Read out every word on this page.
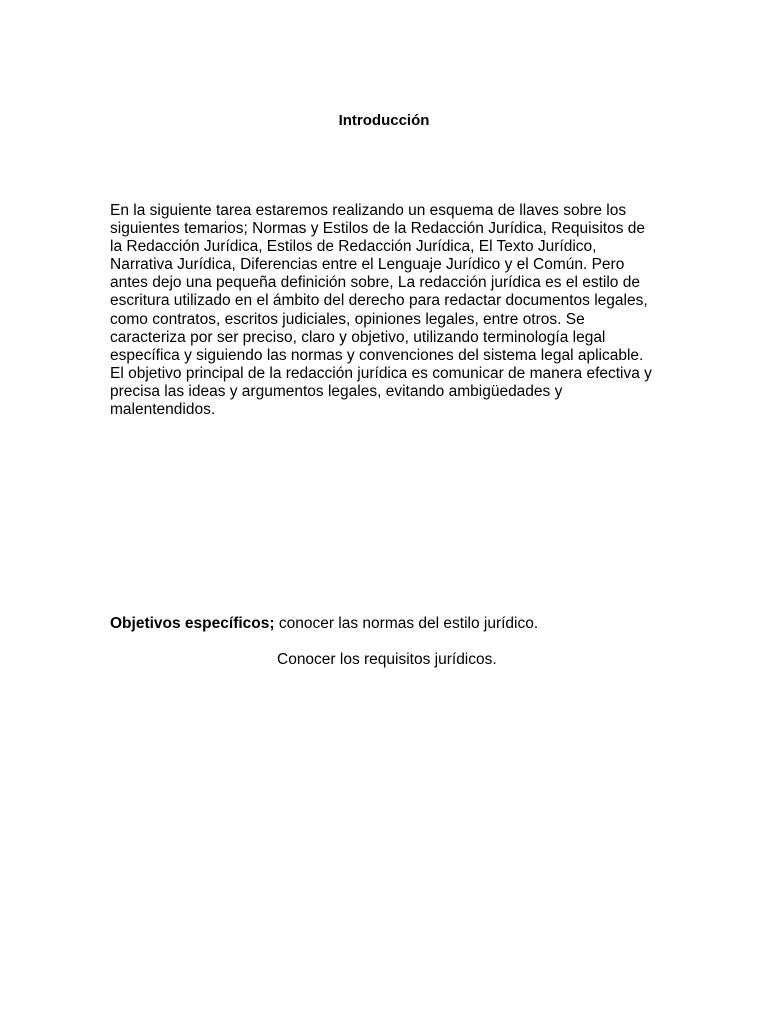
Introducción

En la siguiente tarea estaremos realizando un esquema de llaves sobre los siguientes temarios; Normas y Estilos de la Redacción Jurídica, Requisitos de la Redacción Jurídica, Estilos de Redacción Jurídica, El Texto Jurídico, Narrativa Jurídica, Diferencias entre el Lenguaje Jurídico y el Común. Pero antes dejo una pequeña definición sobre, La redacción jurídica es el estilo de escritura utilizado en el ámbito del derecho para redactar documentos legales, como contratos, escritos judiciales, opiniones legales, entre otros. Se caracteriza por ser preciso, claro y objetivo, utilizando terminología legal específica y siguiendo las normas y convenciones del sistema legal aplicable. El objetivo principal de la redacción jurídica es comunicar de manera efectiva y precisa las ideas y argumentos legales, evitando ambigüedades y malentendidos.

Objetivos específicos; conocer las normas del estilo jurídico.

Conocer los requisitos jurídicos.
